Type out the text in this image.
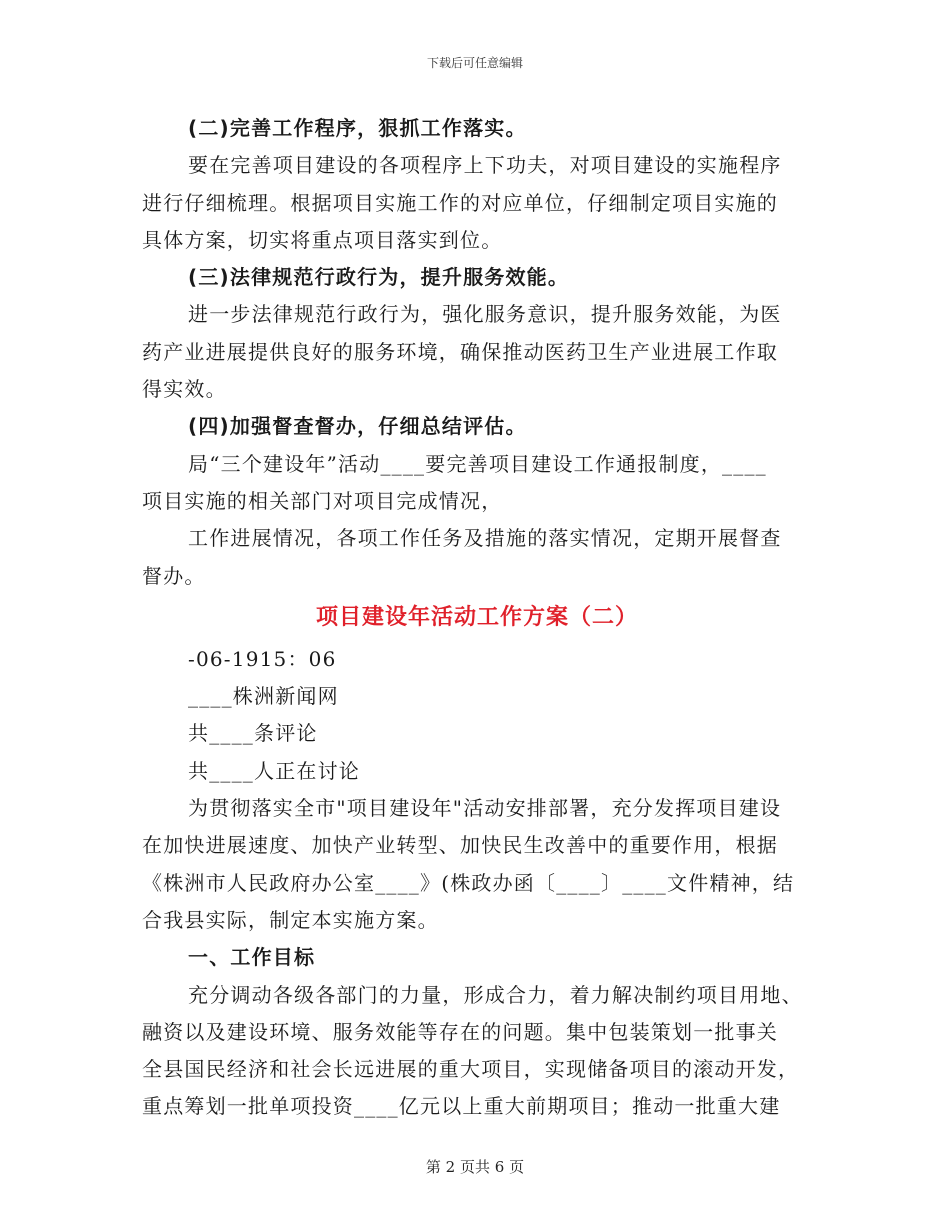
下载后可任意编辑
(二)完善工作程序，狠抓工作落实。
要在完善项目建设的各项程序上下功夫，对项目建设的实施程序
进行仔细梳理。根据项目实施工作的对应单位，仔细制定项目实施的
具体方案，切实将重点项目落实到位。
(三)法律规范行政行为，提升服务效能。
进一步法律规范行政行为，强化服务意识，提升服务效能，为医
药产业进展提供良好的服务环境，确保推动医药卫生产业进展工作取
得实效。
(四)加强督查督办，仔细总结评估。
局“三个建设年”活动____要完善项目建设工作通报制度，____
项目实施的相关部门对项目完成情况，
工作进展情况，各项工作任务及措施的落实情况，定期开展督查
督办。
项目建设年活动工作方案（二）
-06-1915：06
____株洲新闻网
共____条评论
共____人正在讨论
为贯彻落实全市"项目建设年"活动安排部署，充分发挥项目建设
在加快进展速度、加快产业转型、加快民生改善中的重要作用，根据
《株洲市人民政府办公室____》(株政办函〔____〕____文件精神，结
合我县实际，制定本实施方案。
一、工作目标
充分调动各级各部门的力量，形成合力，着力解决制约项目用地、
融资以及建设环境、服务效能等存在的问题。集中包装策划一批事关
全县国民经济和社会长远进展的重大项目，实现储备项目的滚动开发，
重点筹划一批单项投资____亿元以上重大前期项目；推动一批重大建
第 2 页共 6 页
